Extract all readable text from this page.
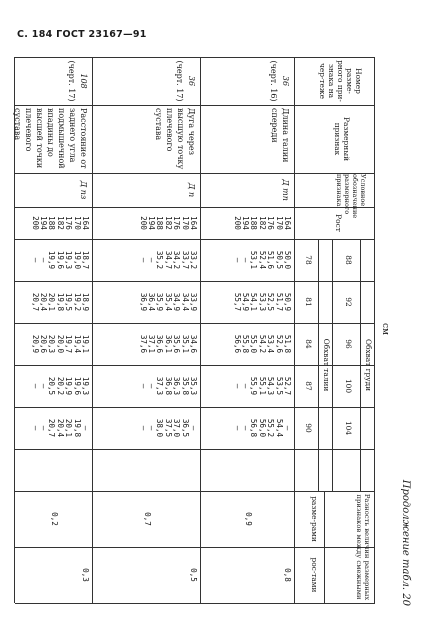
С. 184 ГОСТ 23167—91
Продолжение табл. 20
см
Номер разме-рного при-знака на чер-теже
Размерный признак
Условное обозначение размерного признака
Рост
Обхват груди
Обхват талии
88
78
92
81
96
84
100
87
104
90
Разность величин размерных признаков между смежными
разме-рами
рос-тами
36
(черт. 16)
Длина талии спереди
Д тп
164
170
176
182
188
194
200
50,0
50,5
51,6
52,4
53,1
—
—
50,9
51,7
52,5
53,3
54,1
54,9
55,7
51,8
52,6
53,4
54,2
55,0
55,8
56,6
52,7
53,5
54,3
55,1
55,9
—
—
—
54,4
55,2
56,0
56,8
—
—
0,9
0,8
36
(черт. 17)
Дуга через высшую точку плечевого сустава
Д п
164
170
176
182
188
194
200
33,2
33,7
34,2
34,7
35,2
—
—
33,9
34,4
34,9
35,4
35,9
36,4
36,9
34,6
35,1
35,6
36,1
36,6
37,1
37,6
35,3
35,8
36,3
36,8
37,3
—
—
—
36,5
37,0
37,5
38,0
—
—
0,7
0,5
108
(черт. 17)
Расстояние от заднего угла подмышечной впадины до высшей точки плечевого сустава
Д пз
164
170
176
182
188
194
200
18,7
19,0
19,3
19,6
19,9
—
—
18,9
19,2
19,5
19,8
20,1
20,4
20,7
19,1
19,4
19,7
20,0
20,3
20,6
20,9
19,3
19,6
19,9
20,2
20,5
—
—
—
19,8
20,1
20,4
20,7
—
—
0,2
0,3
